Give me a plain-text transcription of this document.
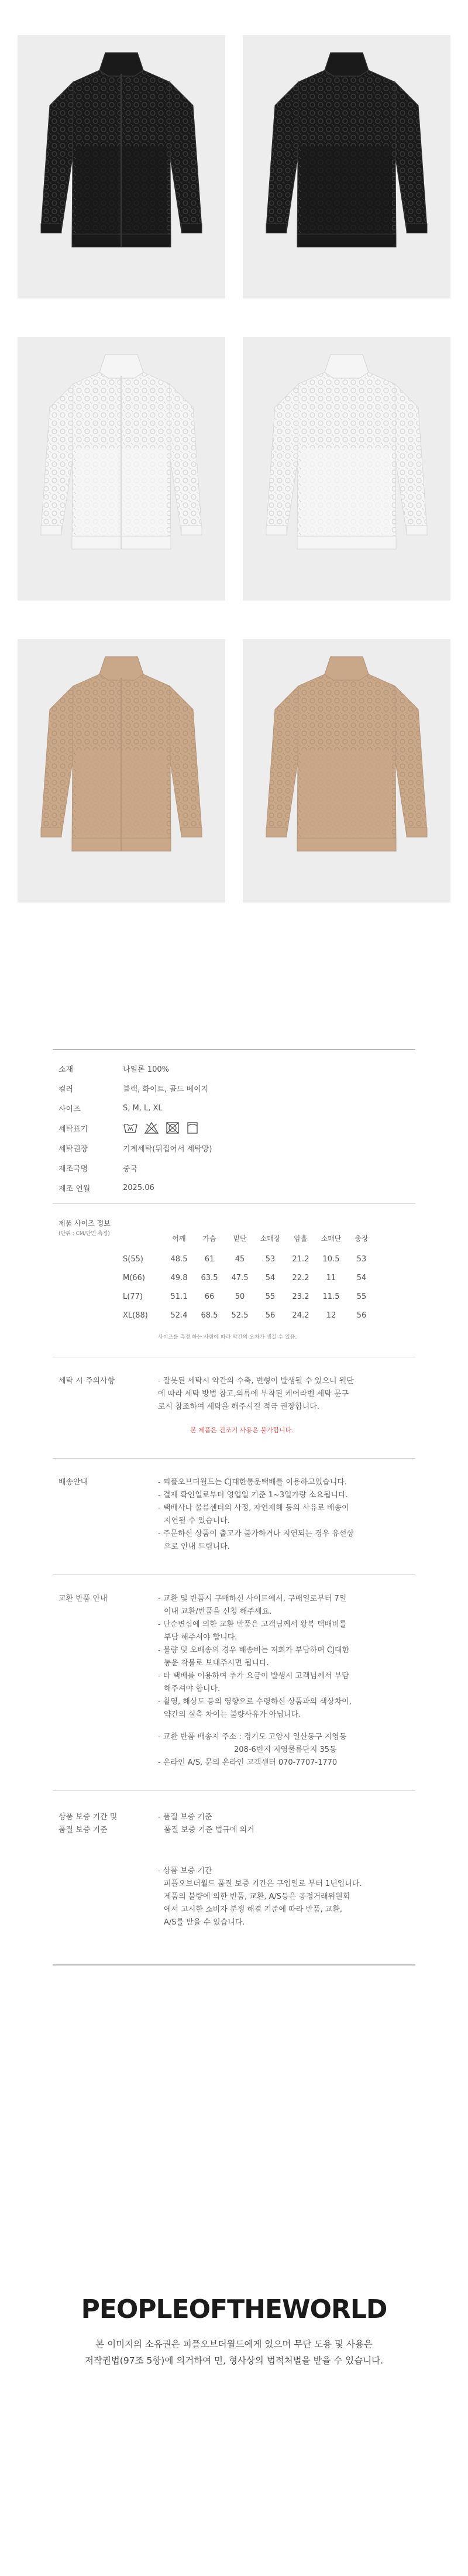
소재	나일론 100%
컬러	블랙, 화이트, 골드 베이지
사이즈	S, M, L, XL
세탁표기
세탁권장	기계세탁(뒤집어서 세탁망)
제조국명	중국
제조 연월	2025.06
제품 사이즈 정보
(단위 : CM/단면 측정)
	어깨	가슴	밑단	소매장	암홀	소매단	총장
S(55)	48.5	61	45	53	21.2	10.5	53
M(66)	49.8	63.5	47.5	54	22.2	11	54
L(77)	51.1	66	50	55	23.2	11.5	55
XL(88)	52.4	68.5	52.5	56	24.2	12	56
사이즈를 측정 하는 사람에 따라 약간의 오차가 생길 수 있음.
세탁 시 주의사항	- 잘못된 세탁시 약간의 수축, 변형이 발생될 수 있으니 원단

에 따라 세탁 방법 참고,의류에 부착된 케어라벨 세탁 문구

로시 참조하여 세탁을 해주시길 적극 권장합니다.

본 제품은 건조기 사용은 불가합니다.
배송안내	- 피플오브더월드는 CJ대한통운택배를 이용하고있습니다.

- 결제 확인일로부터 영업일 기준 1~3일가량 소요됩니다.

- 택배사나 물류센터의 사정, 자연재해 등의 사유로 배송이

지연될 수 있습니다.

- 주문하신 상품이 출고가 불가하거나 지연되는 경우 유선상

으로 안내 드립니다.

교환 반품 안내	- 교환 및 반품시 구매하신 사이트에서, 구매일로부터 7일

이내 교환/반품을 신청 해주세요.

- 단순변심에 의한 교환 반품은 고객님께서 왕복 택배비를

부담 해주셔야 합니다.

- 불량 및 오배송의 경우 배송비는 저희가 부담하며 CJ대한

통운 착불로 보내주시면 됩니다.

- 타 택배를 이용하여 추가 요금이 발생시 고객님께서 부담

해주셔야 합니다.

- 촬영, 해상도 등의 영향으로 수령하신 상품과의 색상차이,

약간의 실측 차이는 불량사유가 아닙니다.

- 교환 반품 배송지 주소 : 경기도 고양시 일산동구 지영동

208-6번지 지영물류단지 35동

- 온라인 A/S, 문의 온라인 고객센터 070-7707-1770

상품 보증 기간 및

품질 보증 기준

- 품질 보증 기준

품질 보증 기준 법규에 의거

- 상품 보증 기간

피플오브더월드 품질 보증 기간은 구입일로 부터 1년입니다.

제품의 불량에 의한 반품, 교환, A/S등은 공정거래위원회

에서 고시한 소비자 분쟁 해결 기준에 따라 반품, 교환,

A/S를 받을 수 있습니다.

PEOPLEOFTHEWORLD
본 이미지의 소유권은 피플오브더월드에게 있으며 무단 도용 및 사용은
저작권법(97조 5항)에 의거하여 민, 형사상의 법적처벌을 받을 수 있습니다.
